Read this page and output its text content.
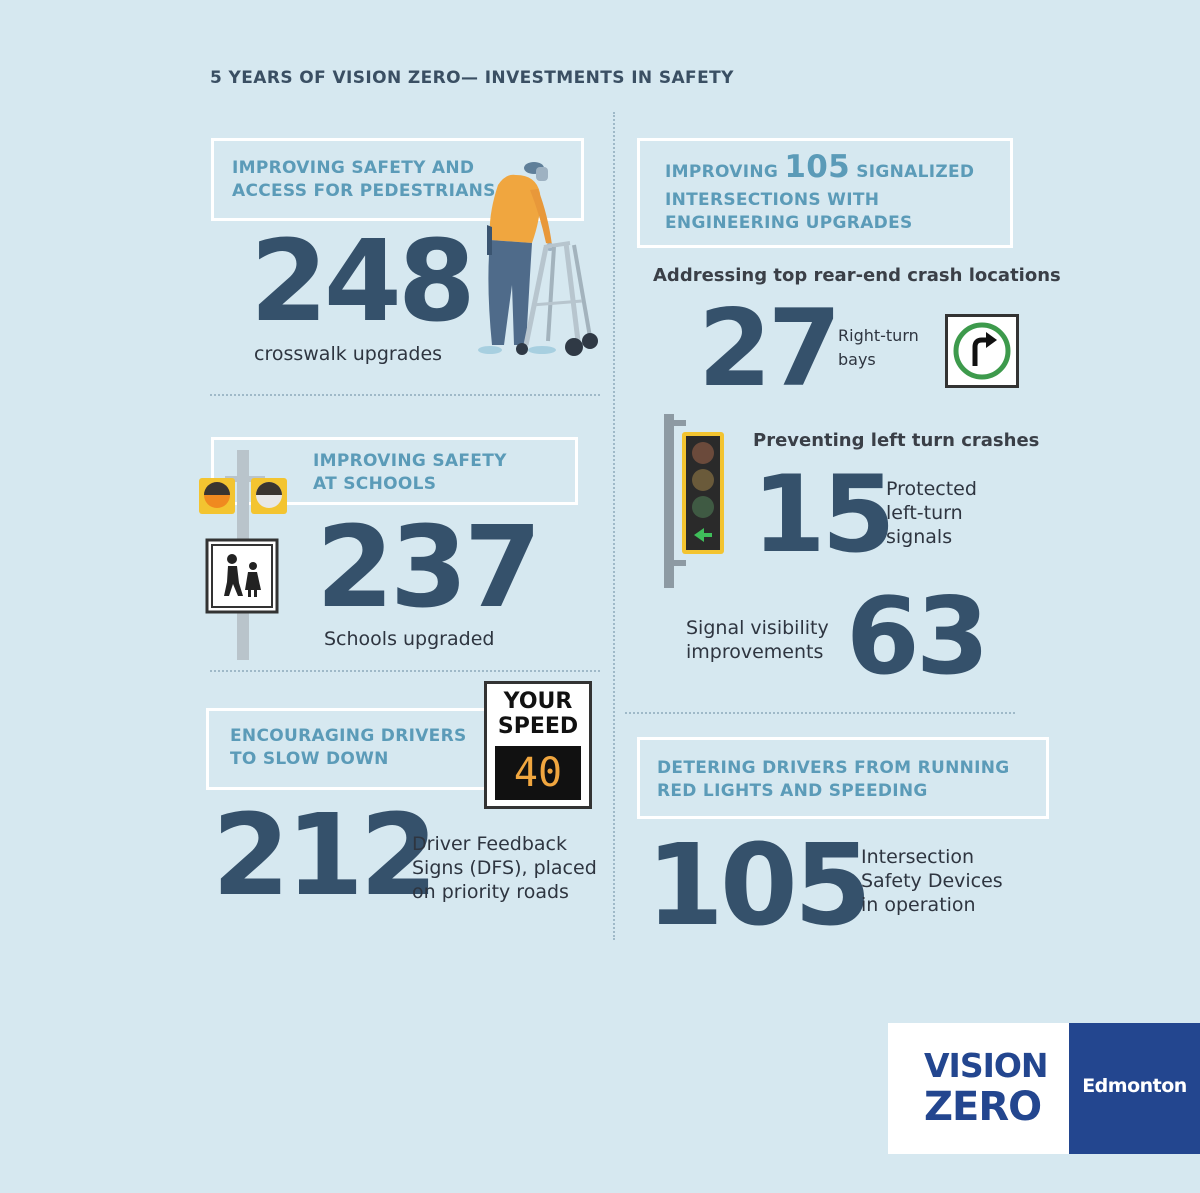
5 YEARS OF VISION ZERO— INVESTMENTS IN SAFETY
IMPROVING SAFETY AND
ACCESS FOR PEDESTRIANS
248
crosswalk upgrades
IMPROVING SAFETY
AT SCHOOLS
237
Schools upgraded
ENCOURAGING DRIVERS
TO SLOW DOWN
YOUR
SPEED
40
212
Driver Feedback
Signs (DFS), placed
on priority roads
IMPROVING 105 SIGNALIZED
INTERSECTIONS WITH
ENGINEERING UPGRADES
Addressing top rear-end crash locations
27 Right-turn
bays
Preventing left turn crashes
15
Protected
left-turn
signals
Signal visibility
improvements 63
DETERING DRIVERS FROM RUNNING
RED LIGHTS AND SPEEDING
105
Intersection
Safety Devices
in operation
VISION
ZERO	Edmonton
